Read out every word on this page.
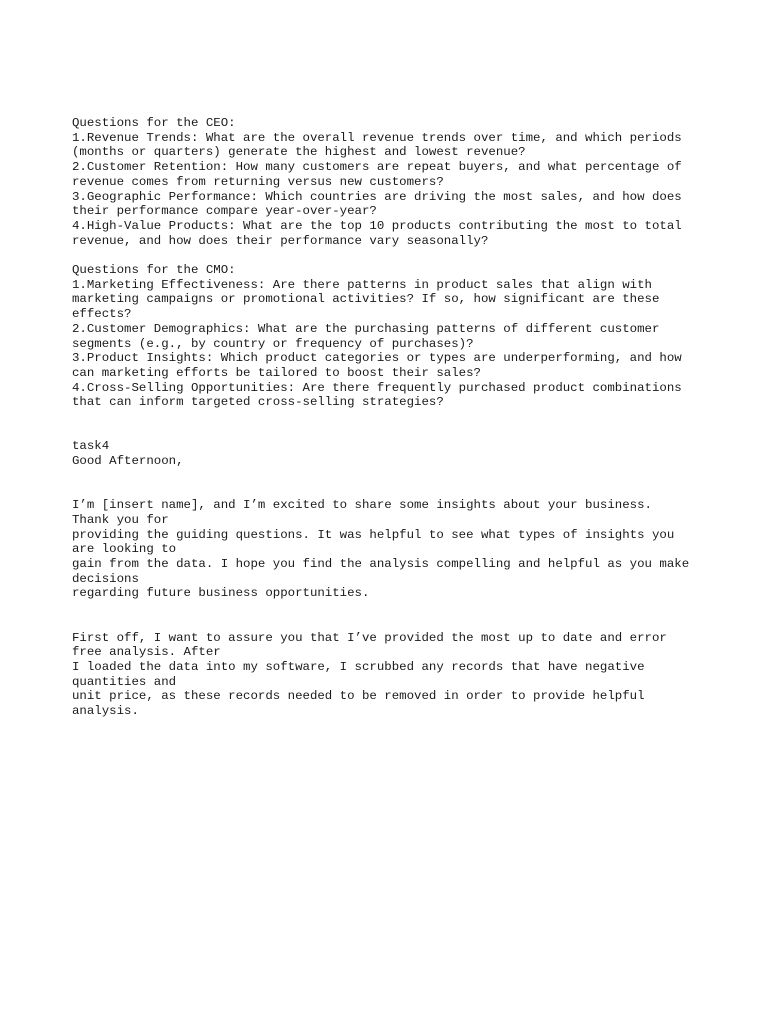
Questions for the CEO:
1.Revenue Trends: What are the overall revenue trends over time, and which periods
(months or quarters) generate the highest and lowest revenue?
2.Customer Retention: How many customers are repeat buyers, and what percentage of
revenue comes from returning versus new customers?
3.Geographic Performance: Which countries are driving the most sales, and how does
their performance compare year-over-year?
4.High-Value Products: What are the top 10 products contributing the most to total
revenue, and how does their performance vary seasonally?
Questions for the CMO:
1.Marketing Effectiveness: Are there patterns in product sales that align with
marketing campaigns or promotional activities? If so, how significant are these
effects?
2.Customer Demographics: What are the purchasing patterns of different customer
segments (e.g., by country or frequency of purchases)?
3.Product Insights: Which product categories or types are underperforming, and how
can marketing efforts be tailored to boost their sales?
4.Cross-Selling Opportunities: Are there frequently purchased product combinations
that can inform targeted cross-selling strategies?
task4
Good Afternoon,
I’m [insert name], and I’m excited to share some insights about your business.
Thank you for
providing the guiding questions. It was helpful to see what types of insights you
are looking to
gain from the data. I hope you find the analysis compelling and helpful as you make
decisions
regarding future business opportunities.
First off, I want to assure you that I’ve provided the most up to date and error
free analysis. After
I loaded the data into my software, I scrubbed any records that have negative
quantities and
unit price, as these records needed to be removed in order to provide helpful
analysis.
